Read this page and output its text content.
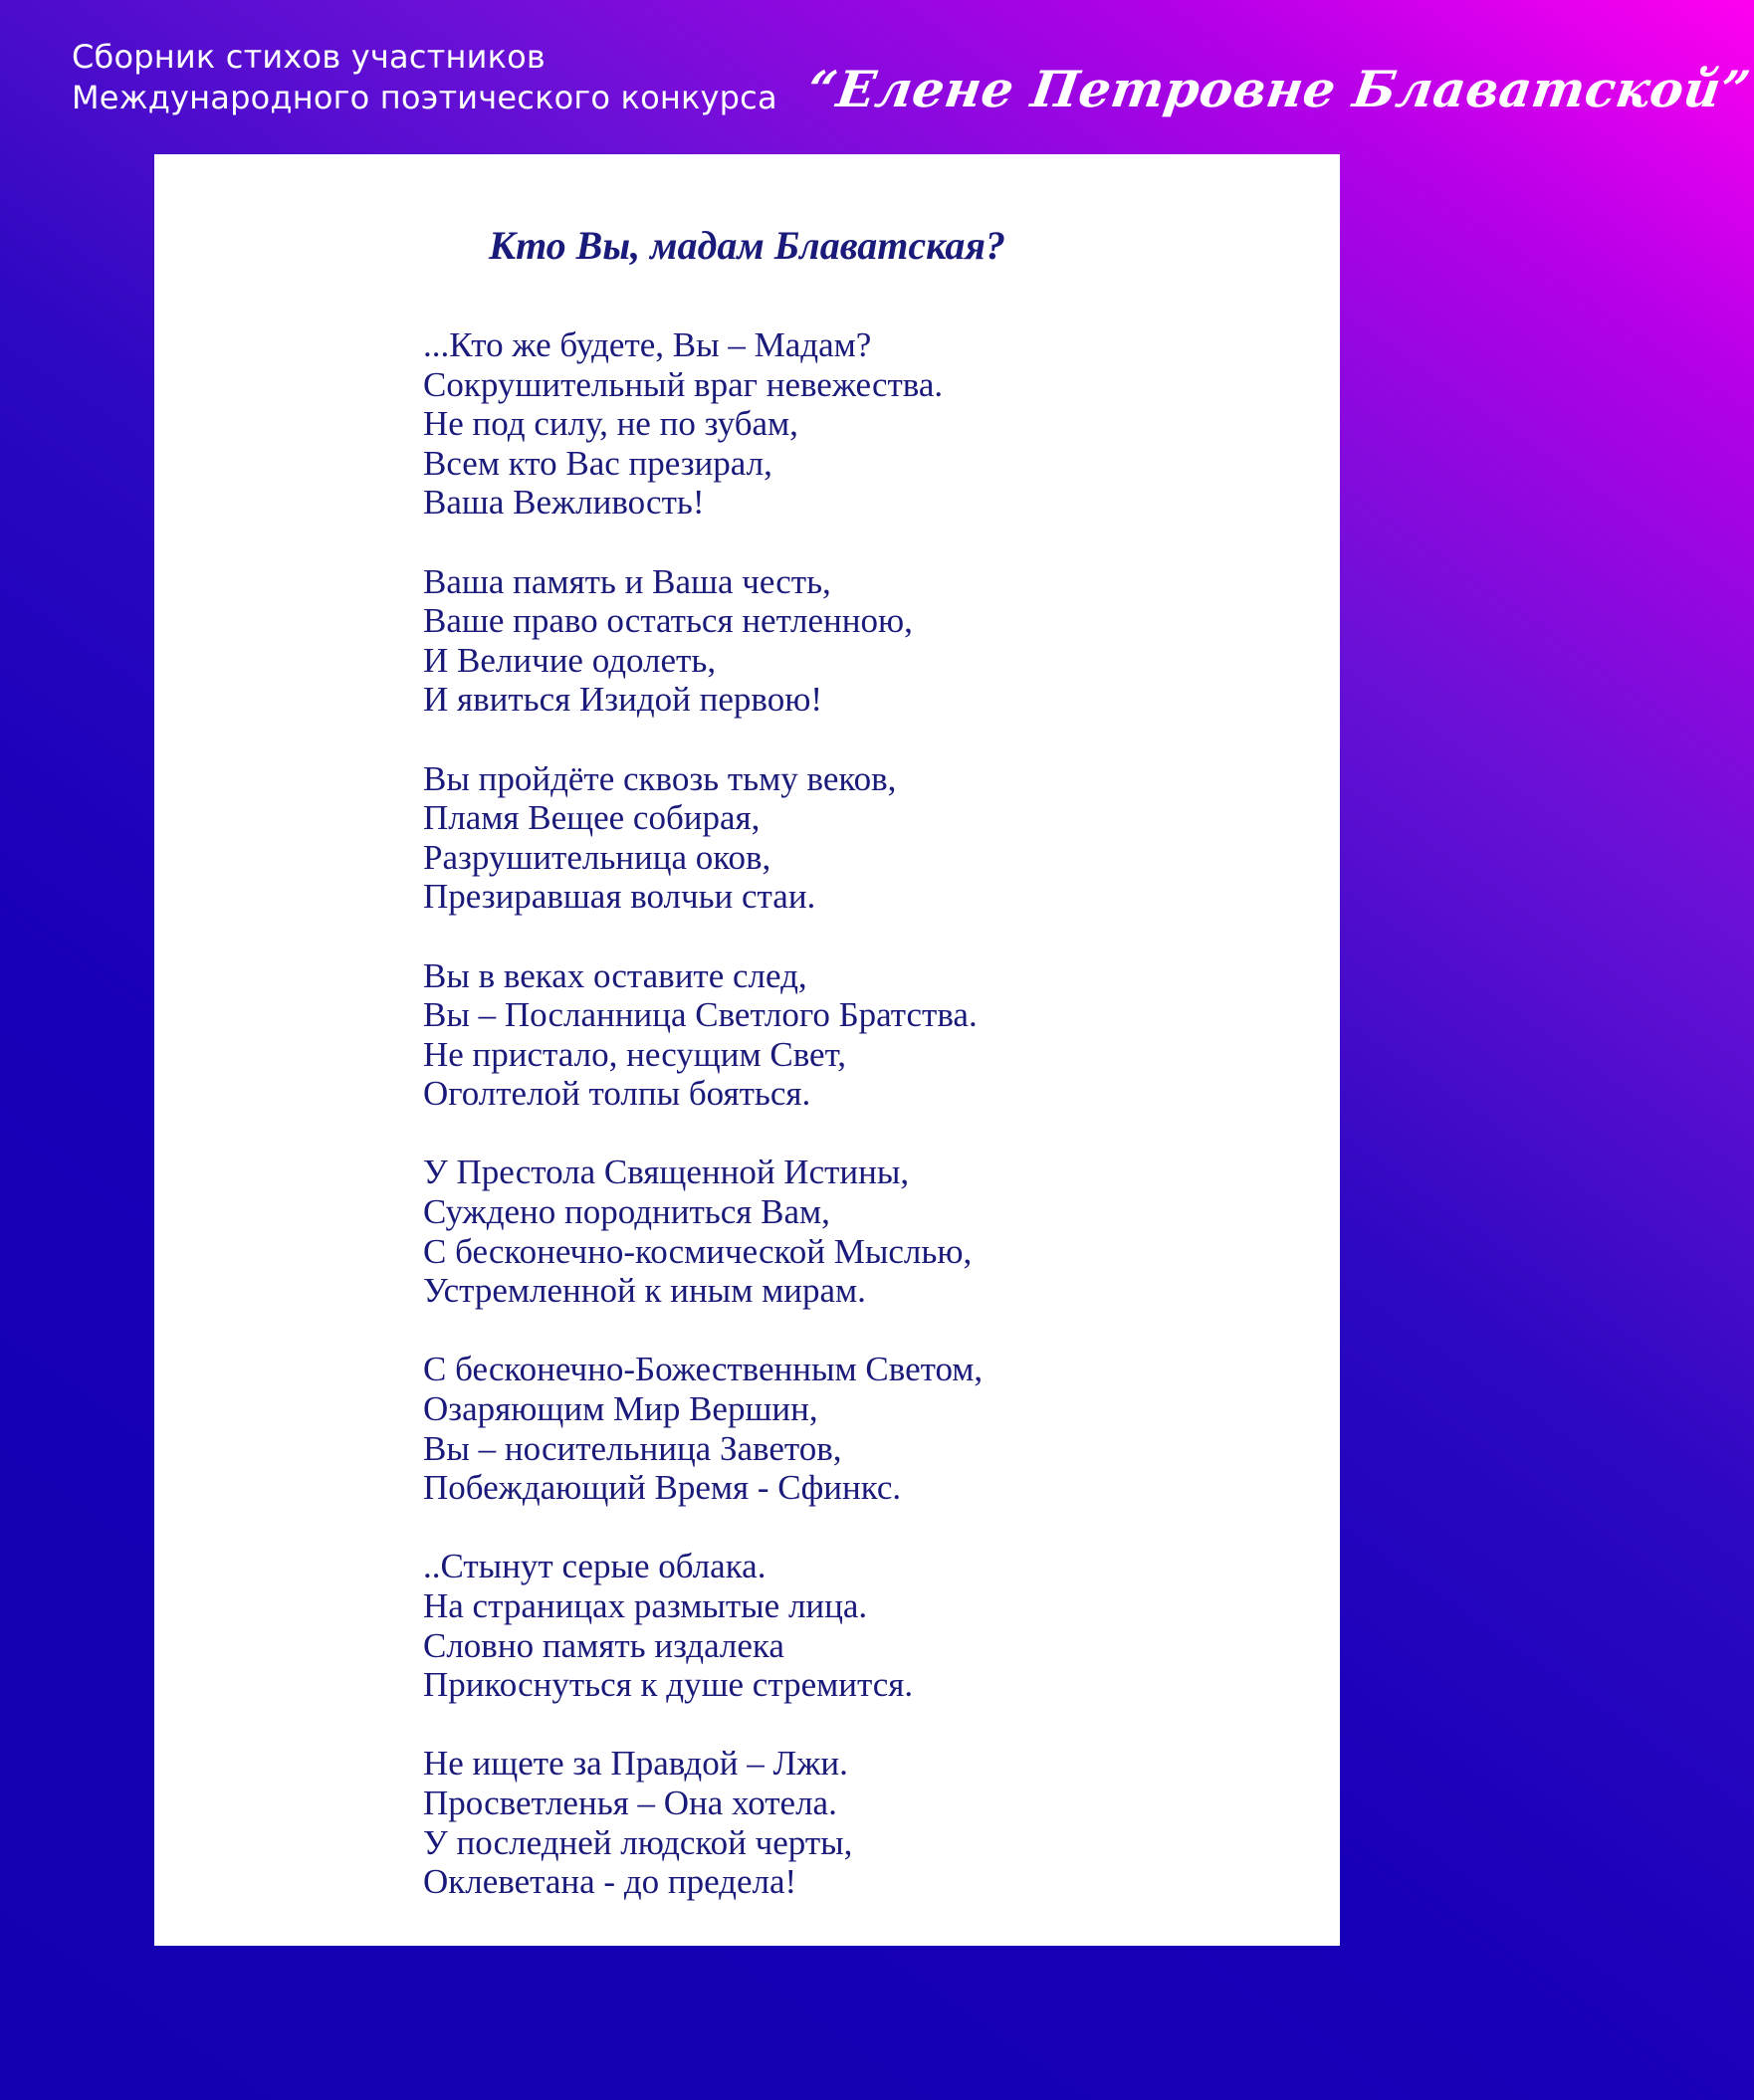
Сборник стихов участников
Международного поэтического конкурса “Елене Петровне Блаватской”
Кто Вы, мадам Блаватская?
...Кто же будете, Вы – Мадам?
Сокрушительный враг невежества.
Не под силу, не по зубам,
Всем кто Вас презирал,
Ваша Вежливость!
Ваша память и Ваша честь,
Ваше право остаться нетленною,
И Величие одолеть,
И явиться Изидой первою!
Вы пройдёте сквозь тьму веков,
Пламя Вещее собирая,
Разрушительница оков,
Презиравшая волчьи стаи.
Вы в веках оставите след,
Вы – Посланница Светлого Братства.
Не пристало, несущим Свет,
Оголтелой толпы бояться.
У Престола Священной Истины,
Суждено породниться Вам,
С бесконечно-космической Мыслью,
Устремленной к иным мирам.
С бесконечно-Божественным Светом,
Озаряющим Мир Вершин,
Вы – носительница Заветов,
Побеждающий Время - Сфинкс.
..Стынут серые облака.
На страницах размытые лица.
Словно память издалека
Прикоснуться к душе стремится.
Не ищете за Правдой – Лжи.
Просветленья – Она хотела.
У последней людской черты,
Оклеветана - до предела!
